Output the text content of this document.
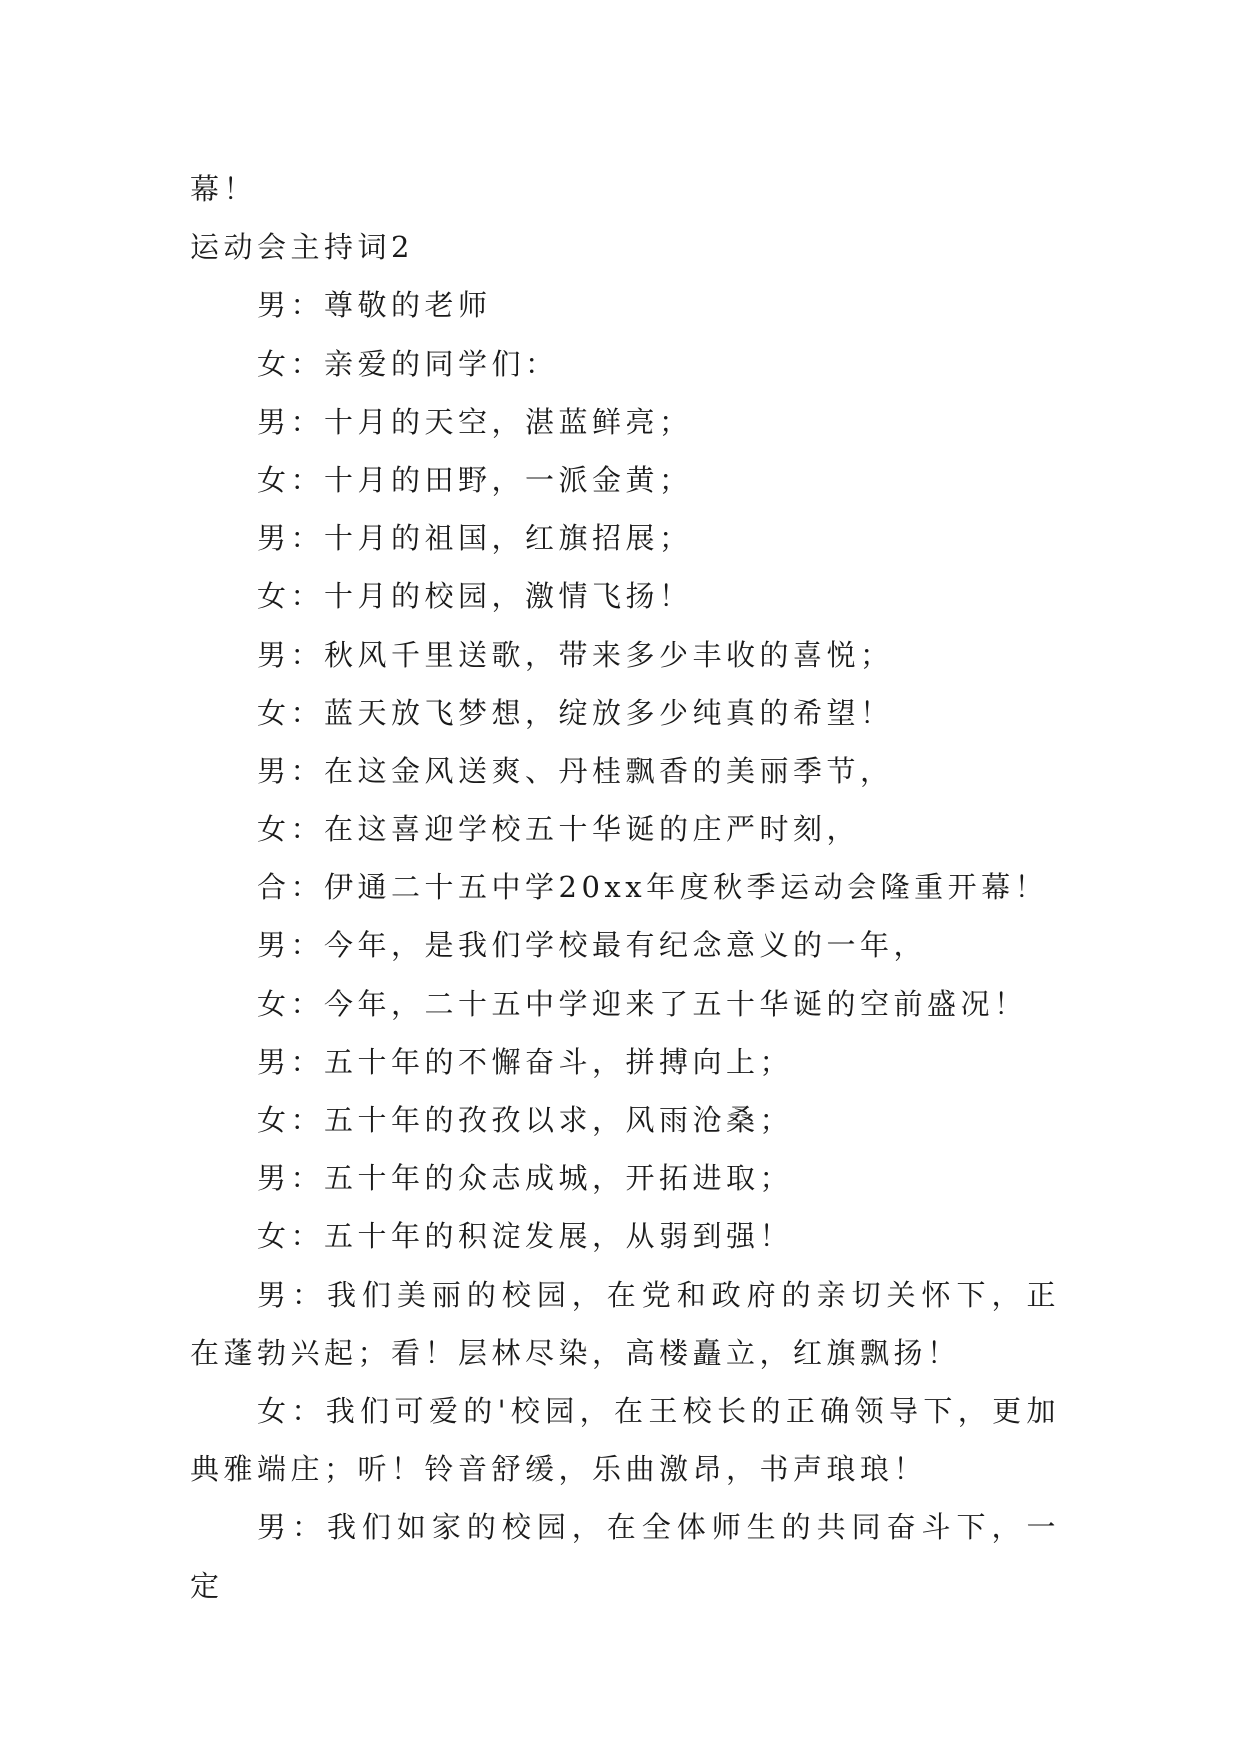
幕！

运动会主持词2

男：尊敬的老师

女：亲爱的同学们：

男：十月的天空，湛蓝鲜亮；

女：十月的田野，一派金黄；

男：十月的祖国，红旗招展；

女：十月的校园，激情飞扬！

男：秋风千里送歌，带来多少丰收的喜悦；

女：蓝天放飞梦想，绽放多少纯真的希望！

男：在这金风送爽、丹桂飘香的美丽季节，

女：在这喜迎学校五十华诞的庄严时刻，

合：伊通二十五中学20xx年度秋季运动会隆重开幕！

男：今年，是我们学校最有纪念意义的一年，

女：今年，二十五中学迎来了五十华诞的空前盛况！

男：五十年的不懈奋斗，拼搏向上；

女：五十年的孜孜以求，风雨沧桑；

男：五十年的众志成城，开拓进取；

女：五十年的积淀发展，从弱到强！

男：我们美丽的校园，在党和政府的亲切关怀下，正在蓬勃兴起；看！层林尽染，高楼矗立，红旗飘扬！

女：我们可爱的'校园，在王校长的正确领导下，更加典雅端庄；听！铃音舒缓，乐曲激昂，书声琅琅！

男：我们如家的校园，在全体师生的共同奋斗下，一定
